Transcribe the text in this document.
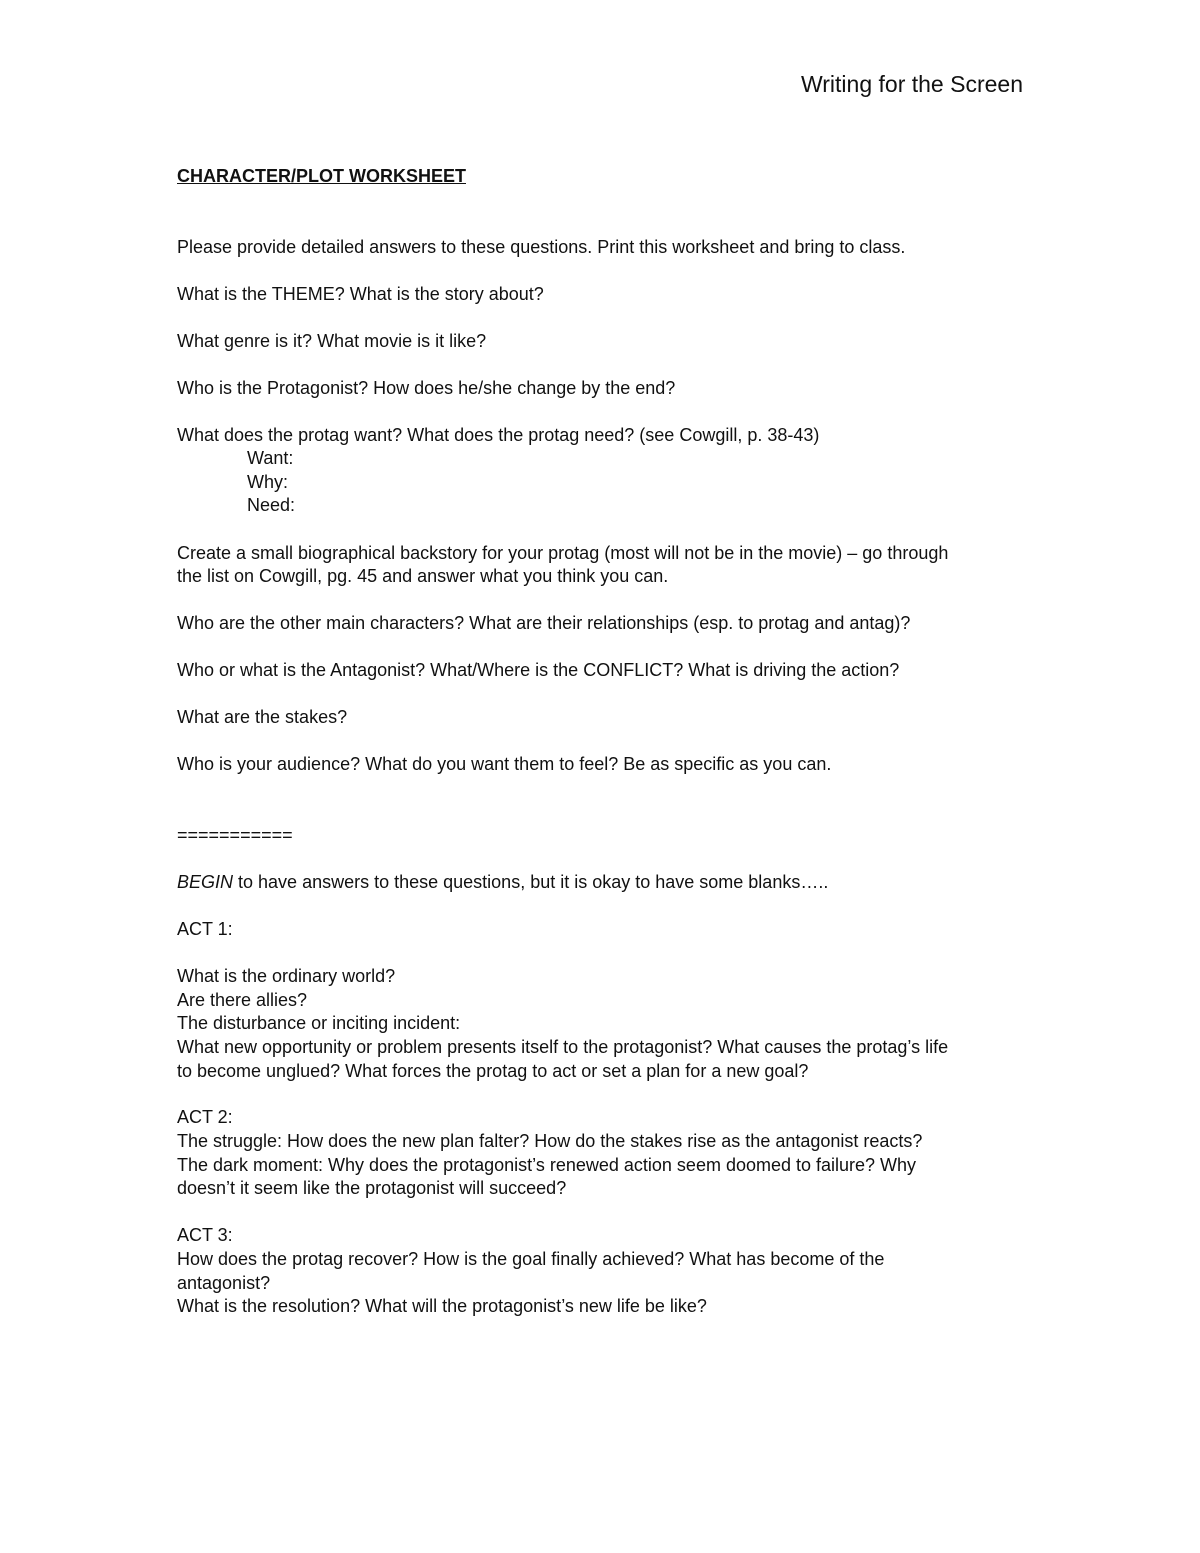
Writing for the Screen
CHARACTER/PLOT WORKSHEET
Please provide detailed answers to these questions. Print this worksheet and bring to class.
What is the THEME? What is the story about?
What genre is it? What movie is it like?
Who is the Protagonist? How does he/she change by the end?
What does the protag want? What does the protag need? (see Cowgill, p. 38-43)
Want:
Why:
Need:
Create a small biographical backstory for your protag (most will not be in the movie) – go through
the list on Cowgill, pg. 45 and answer what you think you can.
Who are the other main characters? What are their relationships (esp. to protag and antag)?
Who or what is the Antagonist? What/Where is the CONFLICT? What is driving the action?
What are the stakes?
Who is your audience? What do you want them to feel? Be as specific as you can.
===========
BEGIN to have answers to these questions, but it is okay to have some blanks…..
ACT 1:
What is the ordinary world?
Are there allies?
The disturbance or inciting incident:
What new opportunity or problem presents itself to the protagonist? What causes the protag’s life
to become unglued? What forces the protag to act or set a plan for a new goal?
ACT 2:
The struggle: How does the new plan falter? How do the stakes rise as the antagonist reacts?
The dark moment: Why does the protagonist’s renewed action seem doomed to failure? Why
doesn’t it seem like the protagonist will succeed?
ACT 3:
How does the protag recover? How is the goal finally achieved? What has become of the
antagonist?
What is the resolution? What will the protagonist’s new life be like?
